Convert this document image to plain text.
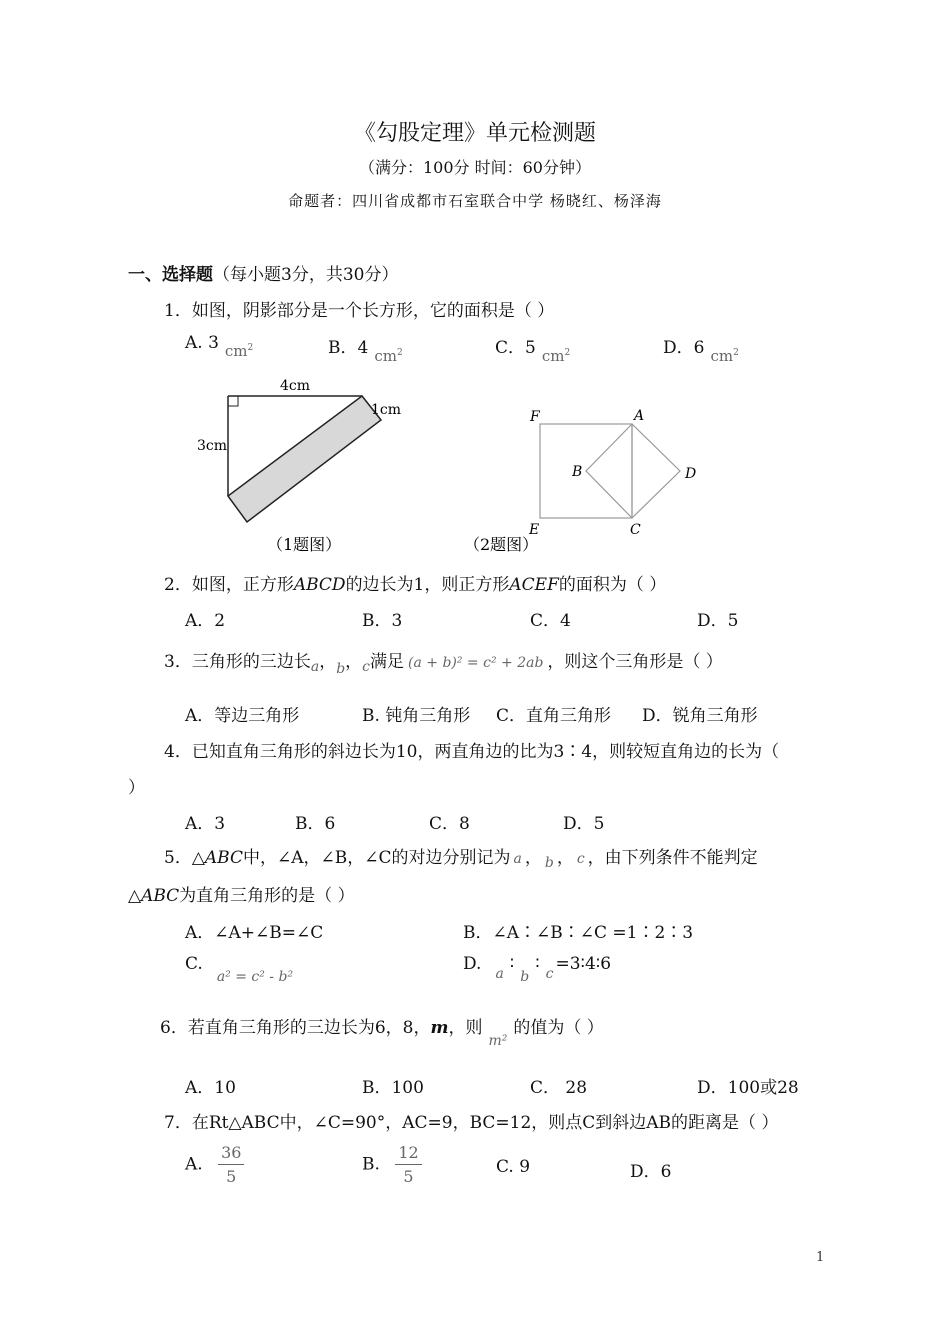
《勾股定理》单元检测题
（满分：100分 时间：60分钟）
命题者：四川省成都市石室联合中学 杨晓红、杨泽海
一、选择题（每小题3分，共30分）
1．如图，阴影部分是一个长方形，它的面积是（ ）
A. 3 $cm^2$	B．4 $cm^2$	C．5 $cm^2$	D．6 $cm^2$
4cm
1cm
3cm
（1题图）
F	A
B	D
E	C
（2题图）
2．如图，正方形ABCD的边长为1，则正方形ACEF的面积为（ ）
A．2	B．3	C．4	D．5
3．三角形的三边长$_a$，$_b$，$_c$满足 (a + b)² = c² + 2ab ，则这个三角形是（ ）
A．等边三角形	B. 钝角三角形 C．直角三角形 D．锐角三角形
4．已知直角三角形的斜边长为10，两直角边的比为3∶4，则较短直角边的长为（
）
A．3	B．6	C．8	D．5
5．△ABC中，∠A，∠B，∠C的对边分别记为 a ， $_b$ ， c ，由下列条件不能判定
△ABC为直角三角形的是（ ）
A．∠A+∠B=∠C	B．∠A∶∠B∶∠C =1∶2∶3
$C._{a^2 = c^2 - b^2}$
D. $_a$ $∶_b∶$ $_c$ =3∶4∶6
6．若直角三角形的三边长为6，8，m，则$_{m^2}$的值为（ ）
A．10	B．100	C． 28	D．100或28
7．在Rt△ABC中，∠C=90°，AC=9，BC=12，则点C到斜边AB的距离是（ ）
A. $\frac{36}{5}$	B. $\frac{12}{5}$	C. 9	D．6
1
